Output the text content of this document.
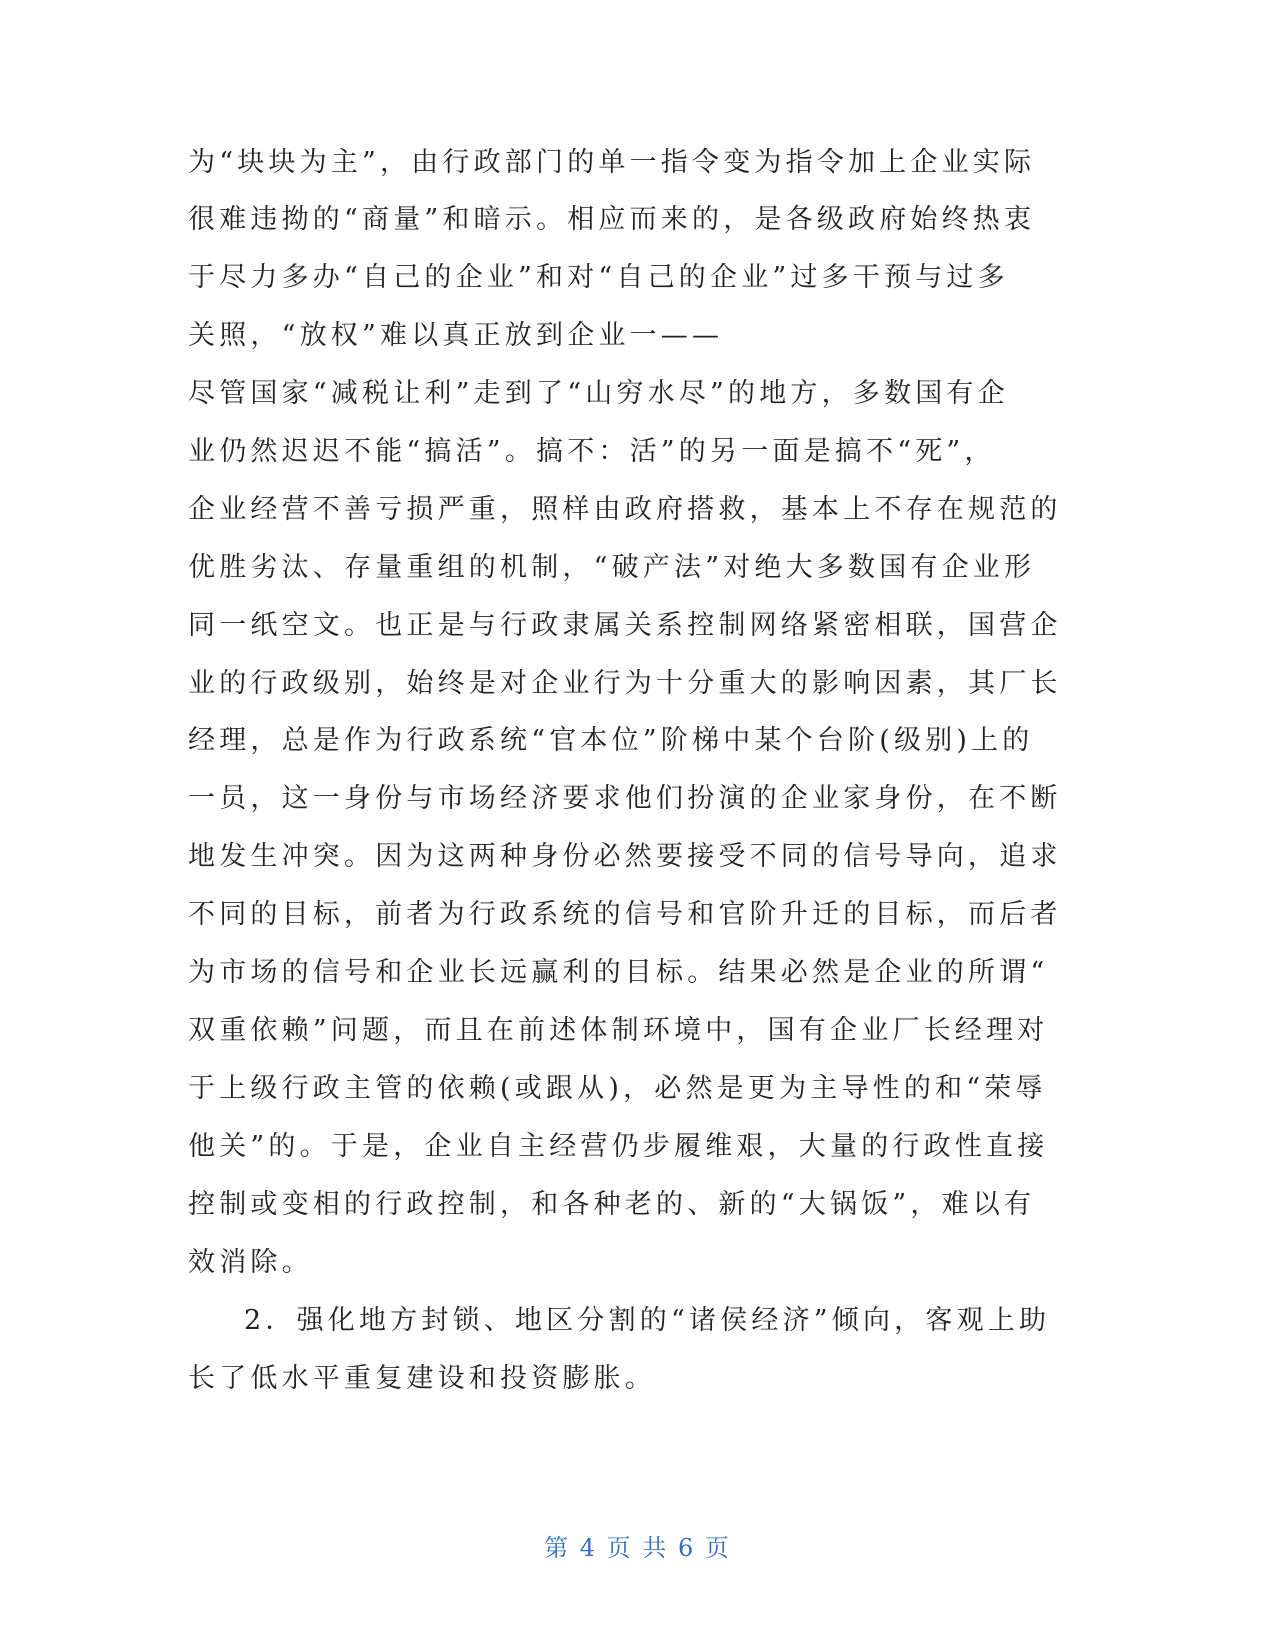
为“块块为主”，由行政部门的单一指令变为指令加上企业实际
很难违拗的“商量”和暗示。相应而来的，是各级政府始终热衷
于尽力多办“自己的企业”和对“自己的企业”过多干预与过多
关照，“放权”难以真正放到企业一——
尽管国家“减税让利”走到了“山穷水尽”的地方，多数国有企
业仍然迟迟不能“搞活”。搞不：活”的另一面是搞不“死”，
企业经营不善亏损严重，照样由政府搭救，基本上不存在规范的
优胜劣汰、存量重组的机制，“破产法”对绝大多数国有企业形
同一纸空文。也正是与行政隶属关系控制网络紧密相联，国营企
业的行政级别，始终是对企业行为十分重大的影响因素，其厂长
经理，总是作为行政系统“官本位”阶梯中某个台阶(级别)上的
一员，这一身份与市场经济要求他们扮演的企业家身份，在不断
地发生冲突。因为这两种身份必然要接受不同的信号导向，追求
不同的目标，前者为行政系统的信号和官阶升迁的目标，而后者
为市场的信号和企业长远赢利的目标。结果必然是企业的所谓“
双重依赖”问题，而且在前述体制环境中，国有企业厂长经理对
于上级行政主管的依赖(或跟从)，必然是更为主导性的和“荣辱
他关”的。于是，企业自主经营仍步履维艰，大量的行政性直接
控制或变相的行政控制，和各种老的、新的“大锅饭”，难以有
效消除。
2．强化地方封锁、地区分割的“诸侯经济”倾向，客观上助
长了低水平重复建设和投资膨胀。
第 4 页 共 6 页
